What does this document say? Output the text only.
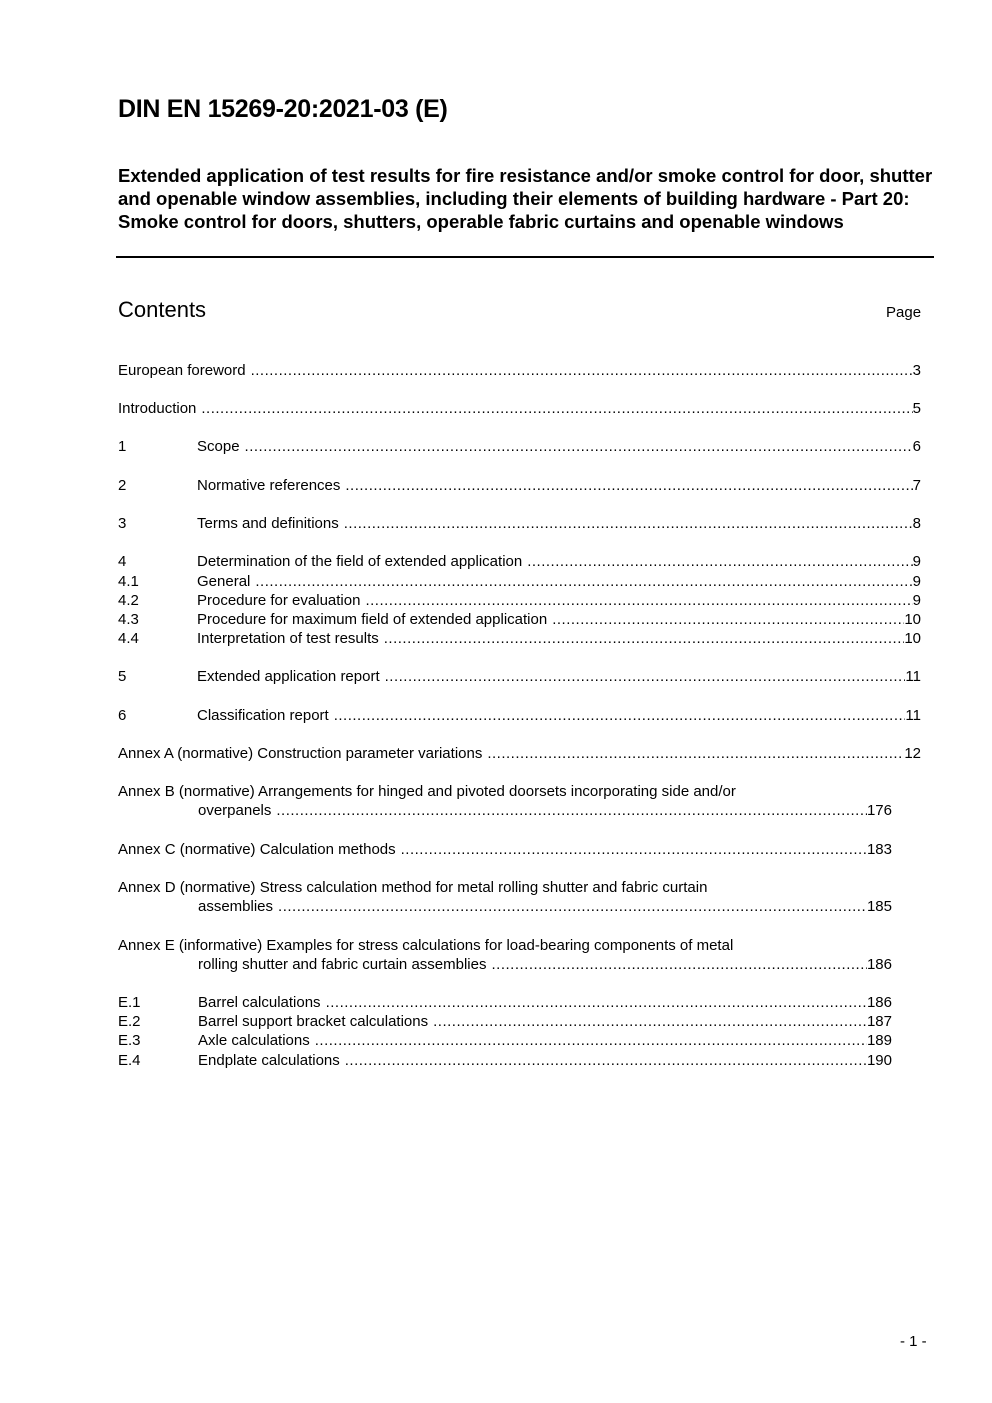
DIN EN 15269-20:2021-03 (E)
Extended application of test results for fire resistance and/or smoke control for door, shutter and openable window assemblies, including their elements of building hardware - Part 20: Smoke control for doors, shutters, operable fabric curtains and openable windows
Contents	Page
European foreword .....	3
Introduction .....	5
1	Scope .....	6
2	Normative references .....	7
3	Terms and definitions .....	8
4	Determination of the field of extended application .....	9
4.1	General .....	9
4.2	Procedure for evaluation .....	9
4.3	Procedure for maximum field of extended application .....	10
4.4	Interpretation of test results .....	10
5	Extended application report .....	11
6	Classification report .....	11
Annex A (normative) Construction parameter variations .....	12
Annex B (normative) Arrangements for hinged and pivoted doorsets incorporating side and/or
overpanels .....	176
Annex C (normative) Calculation methods .....	183
Annex D (normative) Stress calculation method for metal rolling shutter and fabric curtain
assemblies .....	185
Annex E (informative) Examples for stress calculations for load-bearing components of metal
rolling shutter and fabric curtain assemblies .....	186
E.1	Barrel calculations .....	186
E.2	Barrel support bracket calculations .....	187
E.3	Axle calculations .....	189
E.4	Endplate calculations .....	190
- 1 -
